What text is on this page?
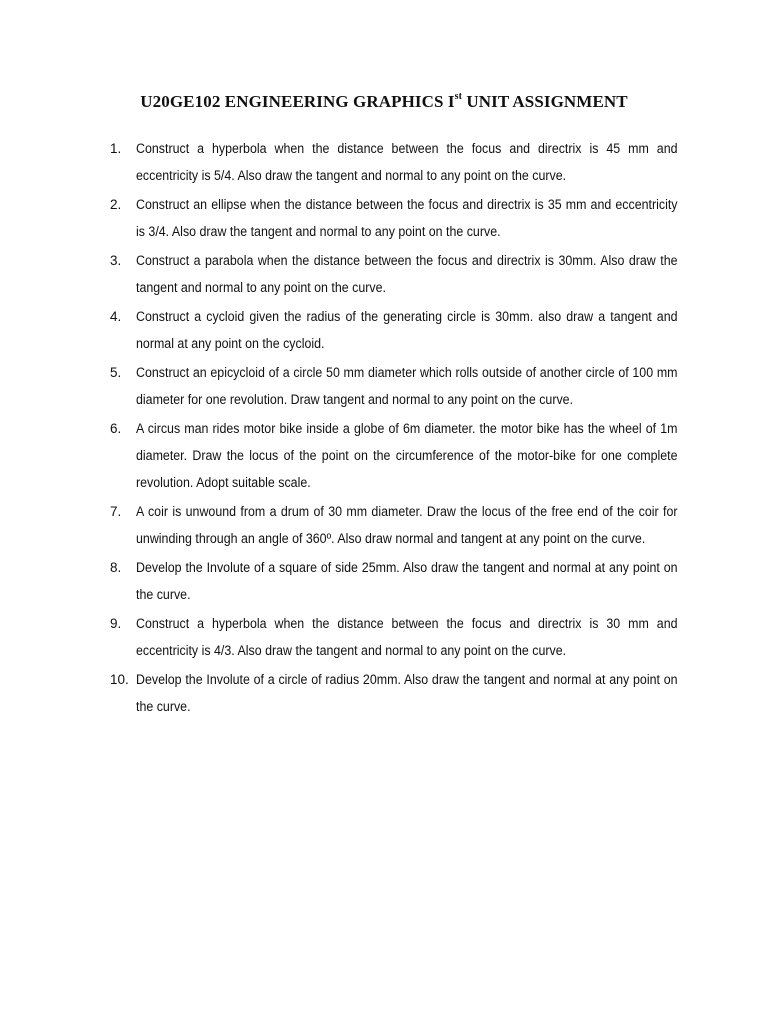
U20GE102 ENGINEERING GRAPHICS Ist UNIT ASSIGNMENT
1.	Construct a hyperbola when the distance between the focus and directrix is 45 mm and eccentricity is 5/4. Also draw the tangent and normal to any point on the curve.
2.	Construct an ellipse when the distance between the focus and directrix is 35 mm and eccentricity is 3/4. Also draw the tangent and normal to any point on the curve.
3.	Construct a parabola when the distance between the focus and directrix is 30mm. Also draw the tangent and normal to any point on the curve.
4.	Construct a cycloid given the radius of the generating circle is 30mm. also draw a tangent and normal at any point on the cycloid.
5.	Construct an epicycloid of a circle 50 mm diameter which rolls outside of another circle of 100 mm diameter for one revolution. Draw tangent and normal to any point on the curve.
6.	A circus man rides motor bike inside a globe of 6m diameter. the motor bike has the wheel of 1m diameter. Draw the locus of the point on the circumference of the motor-bike for one complete revolution. Adopt suitable scale.
7.	A coir is unwound from a drum of 30 mm diameter. Draw the locus of the free end of the coir for unwinding through an angle of 360º. Also draw normal and tangent at any point on the curve.
8.	Develop the Involute of a square of side 25mm. Also draw the tangent and normal at any point on the curve.
9.	Construct a hyperbola when the distance between the focus and directrix is 30 mm and eccentricity is 4/3. Also draw the tangent and normal to any point on the curve.
10. Develop the Involute of a circle of radius 20mm. Also draw the tangent and normal at any point on the curve.
